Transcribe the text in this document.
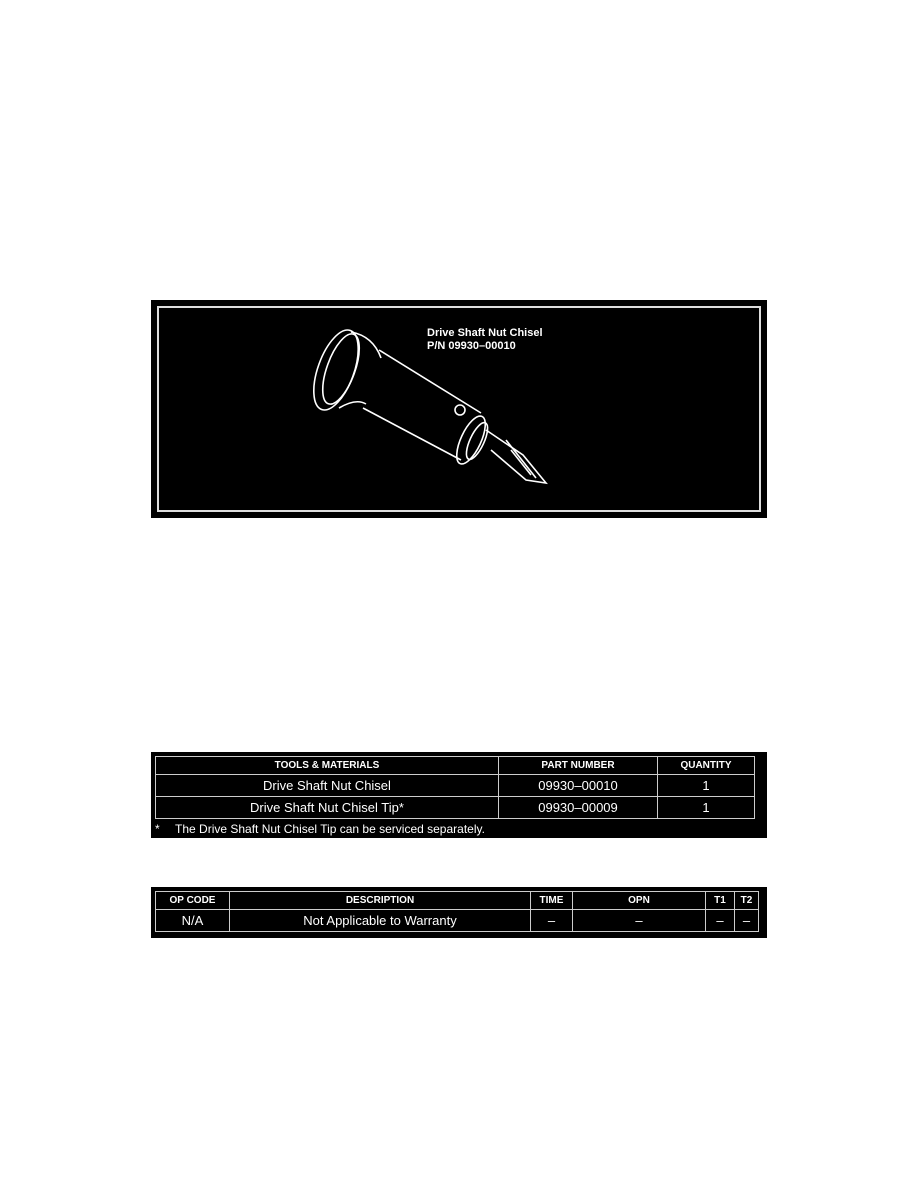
Drive Shaft Nut Chisel
P/N 09930–00010
TOOLS & MATERIALS	PART NUMBER	QUANTITY
Drive Shaft Nut Chisel	09930–00010	1
Drive Shaft Nut Chisel Tip*	09930–00009	1
* The Drive Shaft Nut Chisel Tip can be serviced separately.
OP CODE	DESCRIPTION	TIME	OPN	T1	T2
N/A	Not Applicable to Warranty	–	–	–	–
